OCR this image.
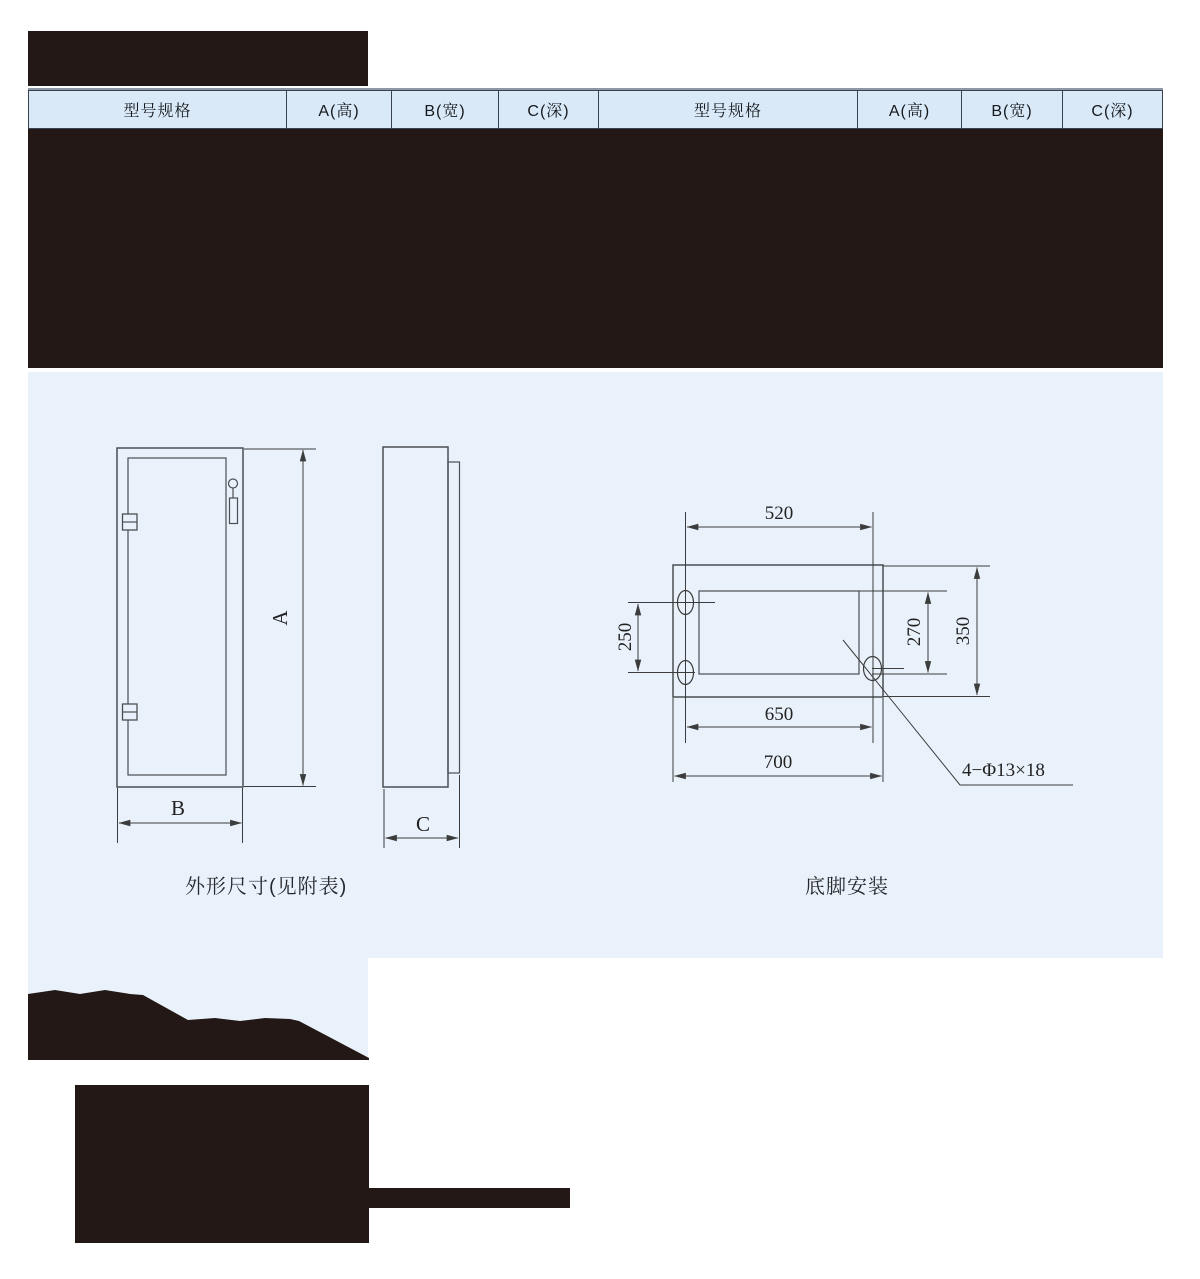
型号规格	A(高)	B(宽)	C(深)	型号规格	A(高)	B(宽)	C(深)
A
B
C
520
250	270 350
650
700	4−Φ13×18
外形尺寸(见附表)	底脚安装
